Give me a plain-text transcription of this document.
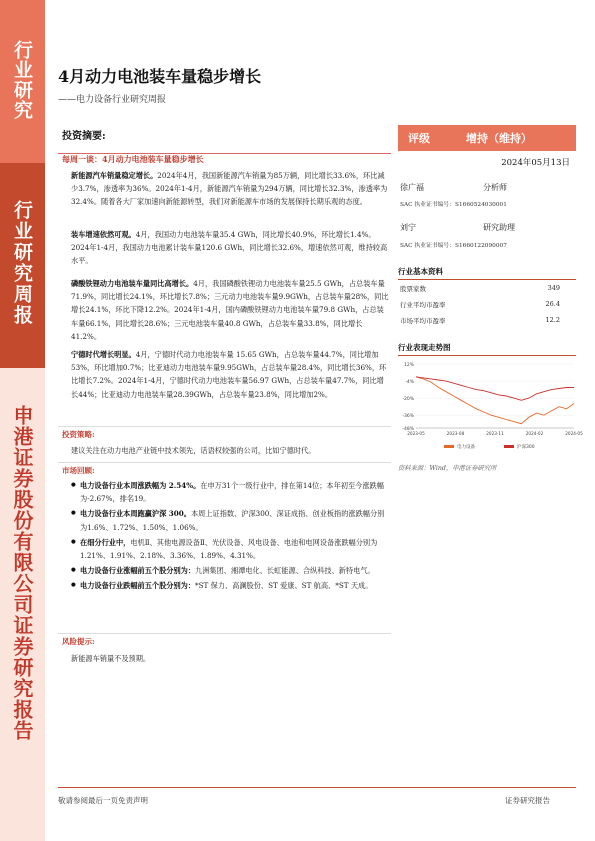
行业研究
行业研究周报
申港证券股份有限公司证券研究报告
4月动力电池装车量稳步增长
——电力设备行业研究周报
投资摘要:
每周一谈：4月动力电池装车量稳步增长
新能源汽车销量稳定增长。2024年4月，我国新能源汽车销量为85万辆，同比增长33.6%，环比减少3.7%，渗透率为36%。2024年1-4月，新能源汽车销量为294万辆，同比增长32.3%，渗透率为32.4%。随着各大厂家加速向新能源转型，我们对新能源车市场的发展保持长期乐观的态度。
装车增速依然可观。4月，我国动力电池装车量35.4 GWh，同比增长40.9%，环比增长1.4%。2024年1-4月，我国动力电池累计装车量120.6 GWh，同比增长32.6%，增速依然可观，维持较高水平。
磷酸铁锂动力电池装车量同比高增长。4月，我国磷酸铁锂动力电池装车量25.5 GWh，占总装车量71.9%，同比增长24.1%，环比增长7.8%；三元动力电池装车量9.9GWh，占总装车量28%，同比增长24.1%，环比下降12.2%。2024年1-4月，国内磷酸铁锂动力电池装车量79.8 GWh，占总装车量66.1%，同比增长28.6%；三元电池装车量40.8 GWh，占总装车量33.8%，同比增长41.2%。
宁德时代增长明显。4月，宁德时代动力电池装车量 15.65 GWh，占总装车量44.7%，同比增加53%，环比增加0.7%；比亚迪动力电池装车量9.95GWh，占总装车量28.4%，同比增长36%，环比增长7.2%。2024年1-4月，宁德时代动力电池装车量56.97 GWh，占总装车量47.7%，同比增长44%；比亚迪动力电池装车量28.39GWh，占总装车量23.8%，同比增加2%。
投资策略:
建议关注在动力电池产业链中技术领先，话语权较强的公司，比如宁德时代。
市场回顾:
● 电力设备行业本周涨跌幅为 2.54%。在申万31个一级行业中，排在第14位；本年初至今涨跌幅为-2.67%，排名19。
● 电力设备行业本周跑赢沪深 300。本周上证指数、沪深300、深证成指、创业板指的涨跌幅分别为1.6%、1.72%、1.50%、1.06%。
● 在细分行业中，电机Ⅱ、其他电源设备Ⅱ、光伏设备、风电设备、电池和电网设备涨跌幅分别为1.21%、1.91%、2.18%、3.36%、1.89%、4.31%。
● 电力设备行业涨幅前五个股分别为：九洲集团、湘潭电化、长虹能源、合纵科技、新特电气。
● 电力设备行业跌幅前五个股分别为：*ST 保力、高澜股份、ST 爱康、ST 航高、*ST 天成。
风险提示:
新能源车销量不及预期。
评级	增持（维持）
2024年05月13日
徐广福	分析师
SAC 执业证书编号：S1660524030001
刘宁	研究助理
SAC 执业证书编号：S1660122090007
行业基本资料
股票家数	349
行业平均市盈率	26.4
市场平均市盈率	12.2
行业表现走势图
12%
-4%
-20%
-36%
-48%
2023-05	2023-08	2023-11	2024-02	2024-05
电力设备	沪深300
资料来源：Wind，申港证券研究所
敬请参阅最后一页免责声明	证券研究报告
